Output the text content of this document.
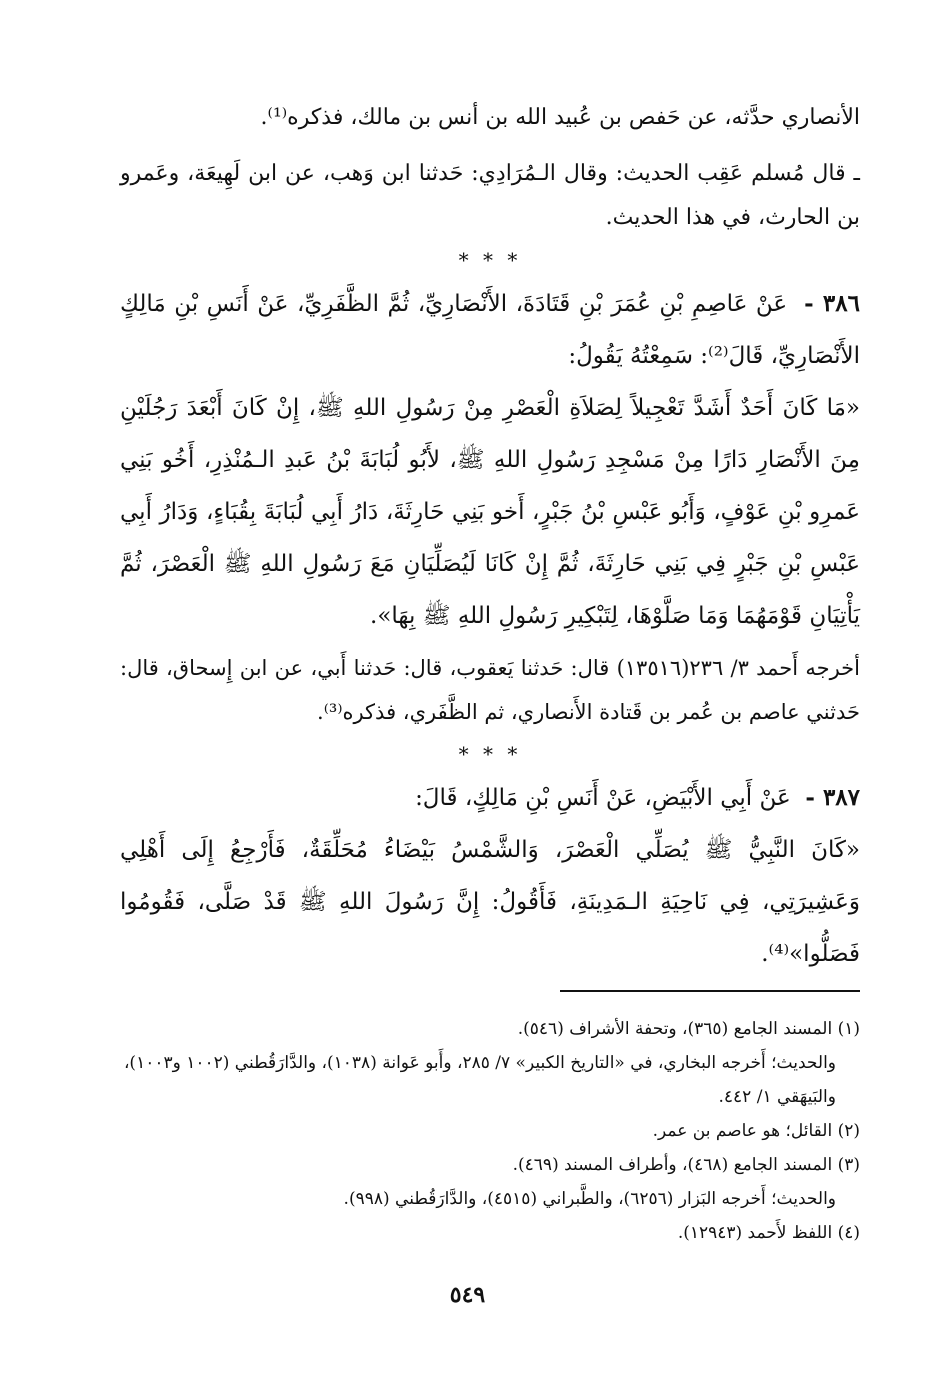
الأنصاري حدَّثه، عن حَفص بن عُبيد الله بن أنس بن مالك، فذكره⁽¹⁾.

ـ قال مُسلم عَقِب الحديث: وقال الـمُرَادِي: حَدثنا ابن وَهب، عن ابن لَهِيعَة، وعَمرو بن الحارث، في هذا الحديث.

* * *

٣٨٦ -  عَنْ عَاصِمِ بْنِ عُمَرَ بْنِ قَتَادَةَ، الأَنْصَارِيِّ، ثُمَّ الظَّفَرِيِّ، عَنْ أَنَسِ بْنِ مَالِكٍ الأَنْصَارِيِّ، قَالَ⁽²⁾: سَمِعْتُهُ يَقُولُ:

«مَا كَانَ أَحَدٌ أَشَدَّ تَعْجِيلاً لِصَلاَةِ الْعَصْرِ مِنْ رَسُولِ اللهِ ﷺ، إِنْ كَانَ أَبْعَدَ رَجُلَيْنِ مِنَ الأَنْصَارِ دَارًا مِنْ مَسْجِدِ رَسُولِ اللهِ ﷺ، لأَبُو لُبَابَةَ بْنُ عَبدِ الـمُنْذِرِ، أَخُو بَنِي عَمرِو بْنِ عَوْفٍ، وَأَبُو عَبْسِ بْنُ جَبْرٍ، أَخو بَنِي حَارِثَةَ، دَارُ أَبِي لُبَابَةَ بِقُبَاءٍ، وَدَارُ أَبِي عَبْسِ بْنِ جَبْرٍ فِي بَنِي حَارِثَةَ، ثُمَّ إِنْ كَانَا لَيُصَلِّيَانِ مَعَ رَسُولِ اللهِ ﷺ الْعَصْرَ، ثُمَّ يَأْتِيَانِ قَوْمَهُمَا وَمَا صَلَّوْهَا، لِتَبْكِيرِ رَسُولِ اللهِ ﷺ بِهَا».

أخرجه أَحمد ٣/ ٢٣٦(١٣٥١٦) قال: حَدثنا يَعقوب، قال: حَدثنا أَبي، عن ابن إِسحاق، قال: حَدثني عاصم بن عُمر بن قَتادة الأَنصاري، ثم الظَّفَري، فذكره⁽³⁾.

* * *

٣٨٧ -  عَنْ أَبِي الأَبْيَضِ، عَنْ أَنَسِ بْنِ مَالِكٍ، قَالَ:

«كَانَ النَّبِيُّ ﷺ يُصَلِّي الْعَصْرَ، وَالشَّمْسُ بَيْضَاءُ مُحَلِّقَةٌ، فَأَرْجِعُ إِلَى أَهْلِي وَعَشِيرَتِي، فِي نَاحِيَةِ الـمَدِينَةِ، فَأَقُولُ: إِنَّ رَسُولَ اللهِ ﷺ قَدْ صَلَّى، فَقُومُوا فَصَلُّوا»⁽⁴⁾.

(١) المسند الجامع (٣٦٥)، وتحفة الأشراف (٥٤٦).

والحديث؛ أَخرجه البخاري، في «التاريخ الكبير» ٧/ ٢٨٥، وأَبو عَوانة (١٠٣٨)، والدَّارَقُطني (١٠٠٢ و١٠٠٣)، والبَيهَقي ١/ ٤٤٢.

(٢) القائل؛ هو عاصم بن عمر.

(٣) المسند الجامع (٤٦٨)، وأطراف المسند (٤٦٩).

والحديث؛ أَخرجه البَزار (٦٢٥٦)، والطَّبراني (٤٥١٥)، والدَّارَقُطني (٩٩٨).

(٤) اللفظ لأَحمد (١٢٩٤٣).

٥٤٩
